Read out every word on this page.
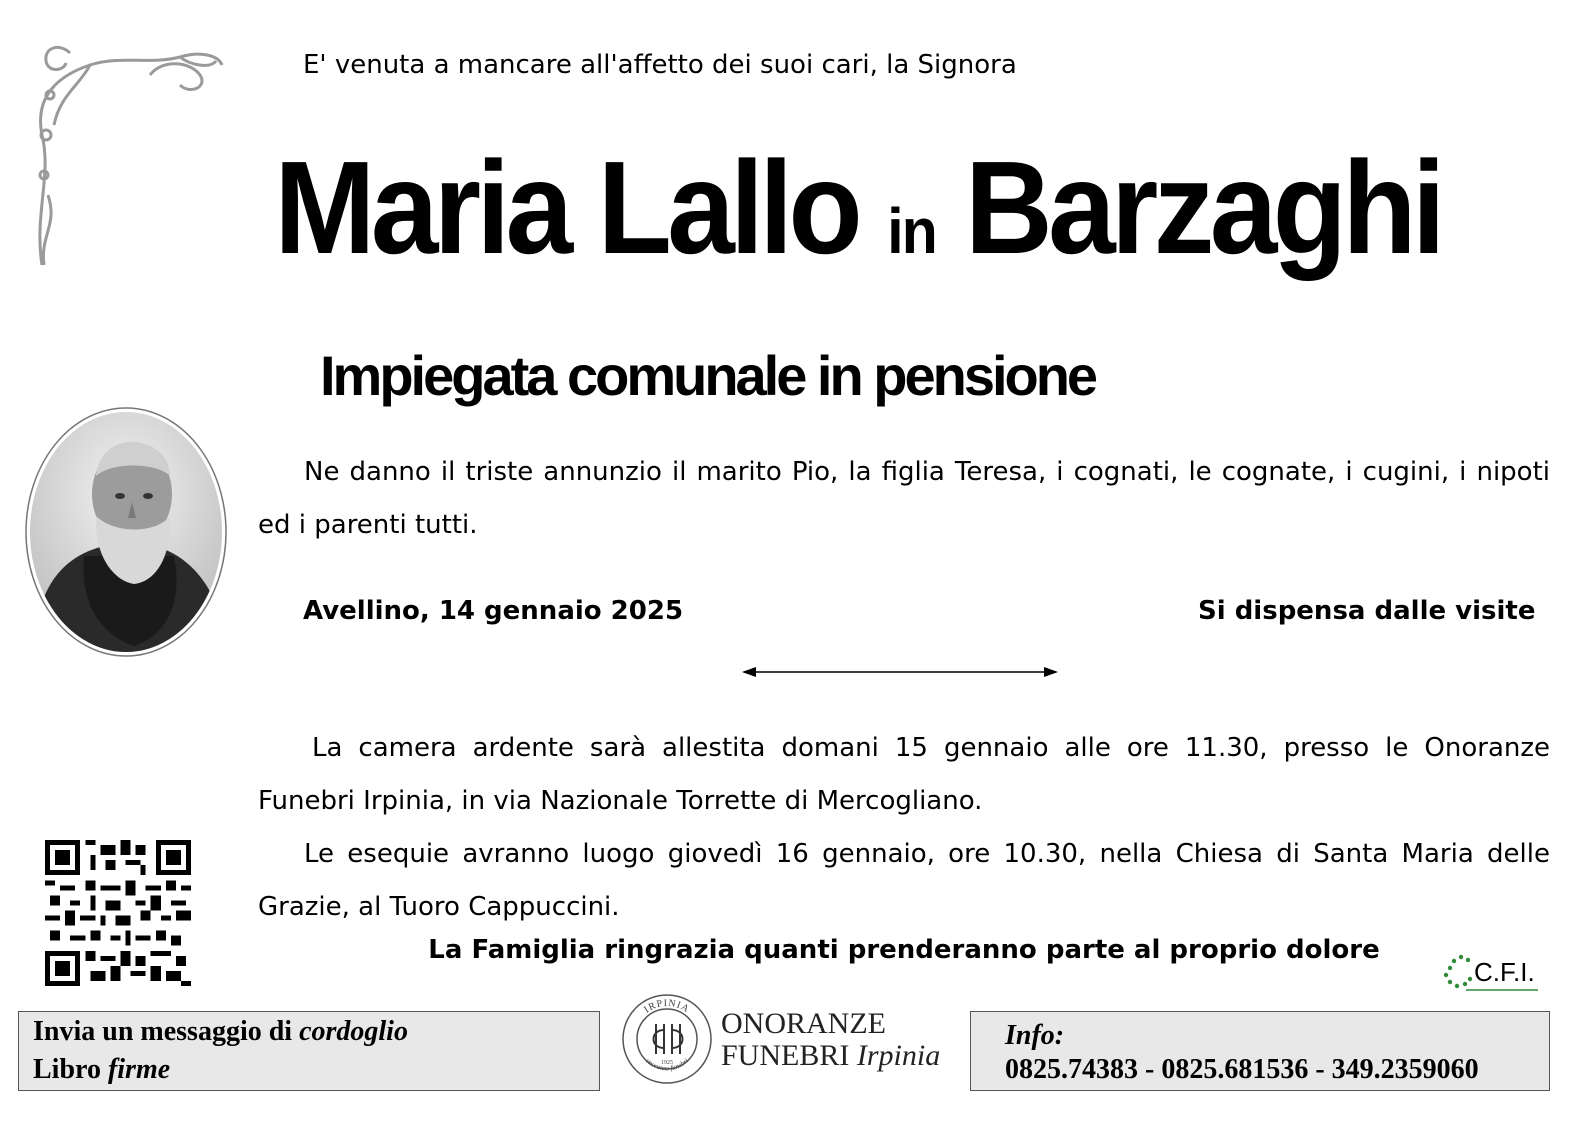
E' venuta a mancare all'affetto dei suoi cari, la Signora
Maria Lallo in Barzaghi
Impiegata comunale in pensione
Ne danno il triste annunzio il marito Pio, la figlia Teresa, i cognati, le cognate, i cugini, i nipoti ed i parenti tutti.
Avellino, 14 gennaio 2025	Si dispensa dalle visite

La camera ardente sarà allestita domani 15 gennaio alle ore 11.30, presso le Onoranze Funebri Irpinia, in via Nazionale Torrette di Mercogliano.

Le esequie avranno luogo giovedì 16 gennaio, ore 10.30, nella Chiesa di Santa Maria delle Grazie, al Tuoro Cappuccini.

La Famiglia ringrazia quanti prenderanno parte al proprio dolore
C.F.I.
Invia un messaggio di cordoglio
Libro firme
IRPINIA
onoranze funebri
1925
ONORANZE
FUNEBRI Irpinia
Info:
0825.74383 - 0825.681536 - 349.2359060
